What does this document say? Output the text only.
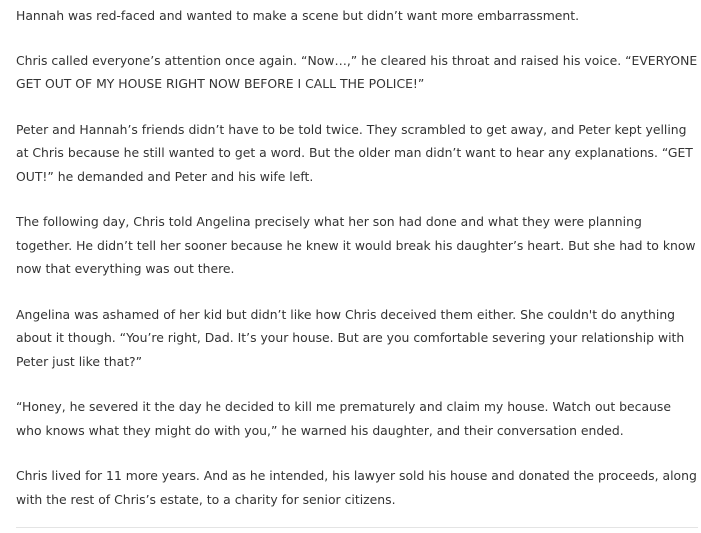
Hannah was red-faced and wanted to make a scene but didn’t want more embarrassment.

Chris called everyone’s attention once again. “Now…,” he cleared his throat and raised his voice. “EVERYONE GET OUT OF MY HOUSE RIGHT NOW BEFORE I CALL THE POLICE!”

Peter and Hannah’s friends didn’t have to be told twice. They scrambled to get away, and Peter kept yelling at Chris because he still wanted to get a word. But the older man didn’t want to hear any explanations. “GET OUT!” he demanded and Peter and his wife left.

The following day, Chris told Angelina precisely what her son had done and what they were planning together. He didn’t tell her sooner because he knew it would break his daughter’s heart. But she had to know now that everything was out there.

Angelina was ashamed of her kid but didn’t like how Chris deceived them either. She couldn't do anything about it though. “You’re right, Dad. It’s your house. But are you comfortable severing your relationship with Peter just like that?”

“Honey, he severed it the day he decided to kill me prematurely and claim my house. Watch out because who knows what they might do with you,” he warned his daughter, and their conversation ended.

Chris lived for 11 more years. And as he intended, his lawyer sold his house and donated the proceeds, along with the rest of Chris’s estate, to a charity for senior citizens.
